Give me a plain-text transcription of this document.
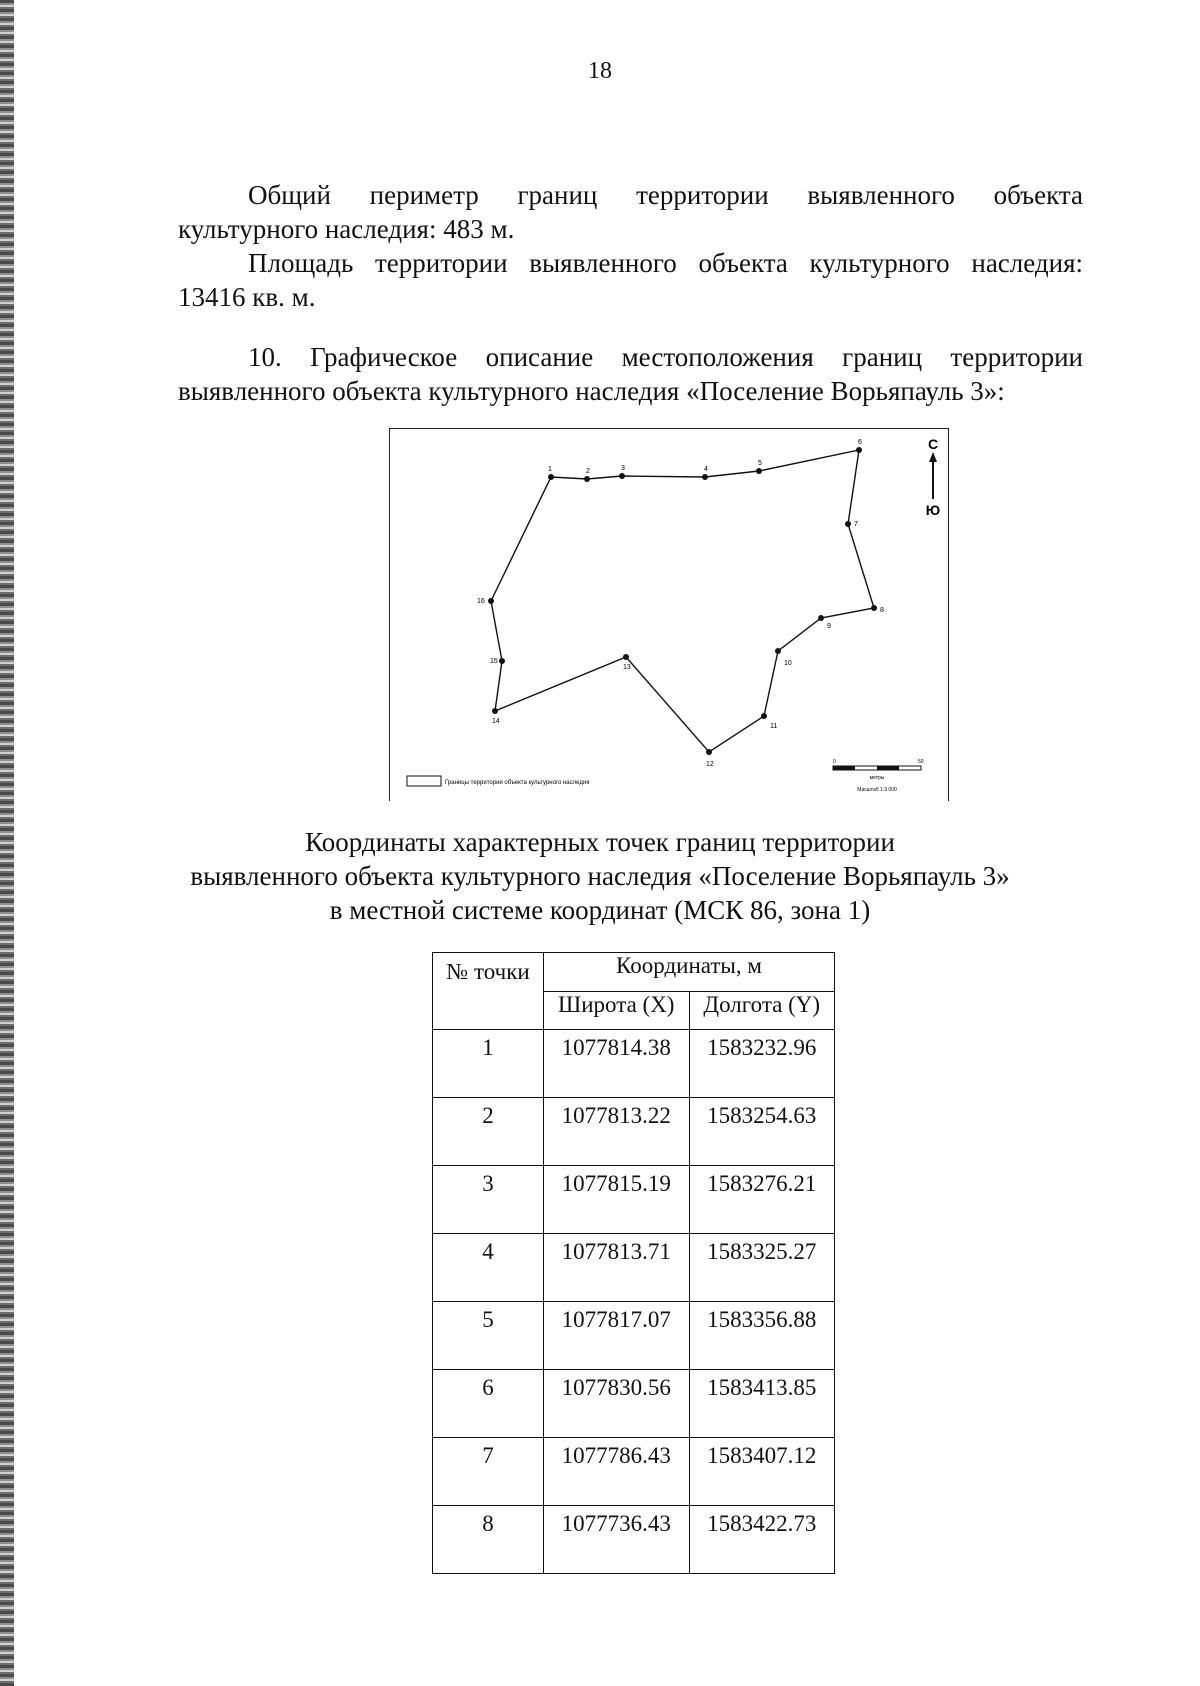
18
Общий периметр границ территории выявленного объекта
культурного наследия: 483 м.
Площадь территории выявленного объекта культурного наследия:
13416 кв. м.
10. Графическое описание местоположения границ территории
выявленного объекта культурного наследия «Поселение Ворьяпауль 3»:
1	2	3	4
5
6
7
8
9
10
11
12
13
14
15
16
С
Ю
Границы территории объекта культурного наследия
0	50
метры
Масштаб 1:3 000
Координаты характерных точек границ территории
выявленного объекта культурного наследия «Поселение Ворьяпауль 3»
в местной системе координат (МСК 86, зона 1)
№ точки	Координаты, м	
	Широта (X)	Долгота (Y)
1	1077814.38	1583232.96
2	1077813.22	1583254.63
3	1077815.19	1583276.21
4	1077813.71	1583325.27
5	1077817.07	1583356.88
6	1077830.56	1583413.85
7	1077786.43	1583407.12
8	1077736.43	1583422.73
